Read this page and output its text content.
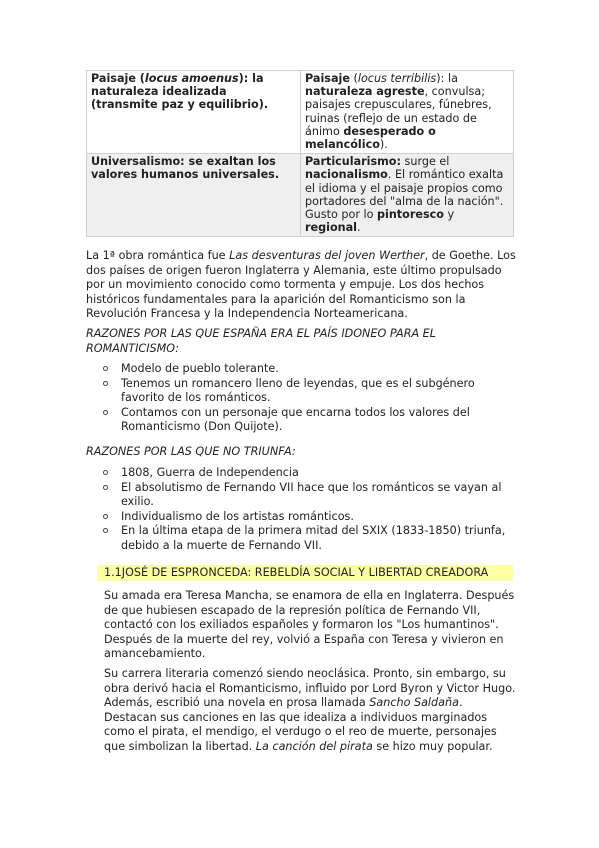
Paisaje (locus amoenus): la naturaleza idealizada (transmite paz y equilibrio).	Paisaje (locus terribilis): la naturaleza agreste, convulsa; paisajes crepusculares, fúnebres, ruinas (reflejo de un estado de ánimo desesperado o melancólico).
Universalismo: se exaltan los valores humanos universales.	Particularismo: surge el nacionalismo. El romántico exalta el idioma y el paisaje propios como portadores del "alma de la nación". Gusto por lo pintoresco y regional.

La 1ª obra romántica fue Las desventuras del joven Werther, de Goethe. Los dos países de origen fueron Inglaterra y Alemania, este último propulsado por un movimiento conocido como tormenta y empuje. Los dos hechos históricos fundamentales para la aparición del Romanticismo son la Revolución Francesa y la Independencia Norteamericana.

RAZONES POR LAS QUE ESPAÑA ERA EL PAÍS IDONEO PARA EL ROMANTICISMO:
Modelo de pueblo tolerante.
Tenemos un romancero lleno de leyendas, que es el subgénero favorito de los románticos.
Contamos con un personaje que encarna todos los valores del Romanticismo (Don Quijote).
RAZONES POR LAS QUE NO TRIUNFA:
1808, Guerra de Independencia
El absolutismo de Fernando VII hace que los románticos se vayan al exilio.
Individualismo de los artistas románticos.
En la última etapa de la primera mitad del SXIX (1833-1850) triunfa, debido a la muerte de Fernando VII.
1.1JOSÉ DE ESPRONCEDA: REBELDÍA SOCIAL Y LIBERTAD CREADORA
Su amada era Teresa Mancha, se enamora de ella en Inglaterra. Después de que hubiesen escapado de la represión política de Fernando VII, contactó con los exiliados españoles y formaron los "Los humantinos". Después de la muerte del rey, volvió a España con Teresa y vivieron en amancebamiento.

Su carrera literaria comenzó siendo neoclásica. Pronto, sin embargo, su obra derivó hacia el Romanticismo, influido por Lord Byron y Victor Hugo. Además, escribió una novela en prosa llamada Sancho Saldaña. Destacan sus canciones en las que idealiza a individuos marginados como el pirata, el mendigo, el verdugo o el reo de muerte, personajes que simbolizan la libertad. La canción del pirata se hizo muy popular.
